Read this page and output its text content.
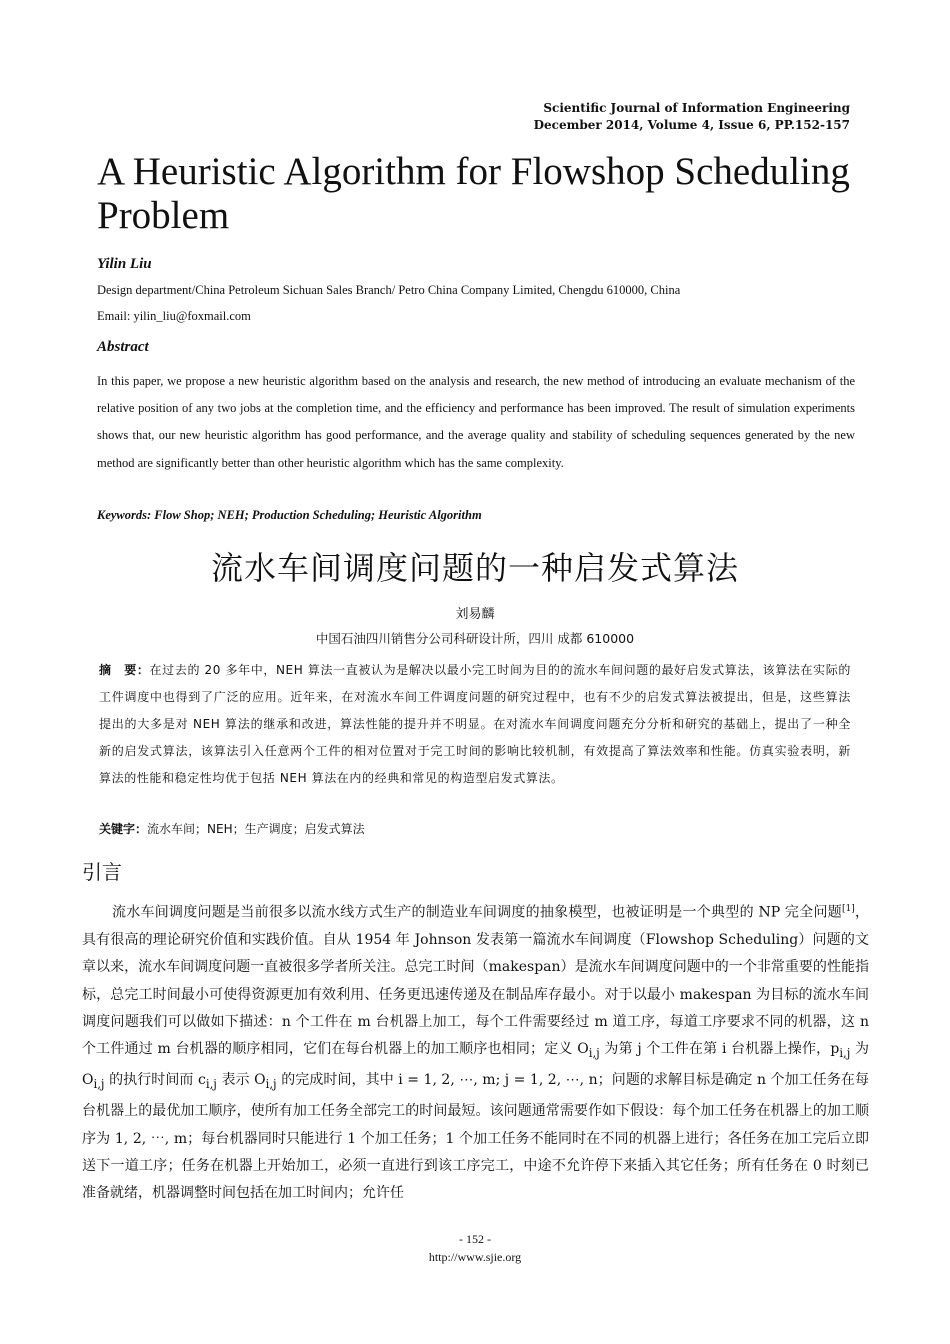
Scientific Journal of Information Engineering
December 2014, Volume 4, Issue 6, PP.152-157
A Heuristic Algorithm for Flowshop Scheduling Problem
Yilin Liu
Design department/China Petroleum Sichuan Sales Branch/ Petro China Company Limited, Chengdu 610000, China
Email: yilin_liu@foxmail.com
Abstract
In this paper, we propose a new heuristic algorithm based on the analysis and research, the new method of introducing an evaluate mechanism of the relative position of any two jobs at the completion time, and the efficiency and performance has been improved. The result of simulation experiments shows that, our new heuristic algorithm has good performance, and the average quality and stability of scheduling sequences generated by the new method are significantly better than other heuristic algorithm which has the same complexity.
Keywords: Flow Shop; NEH; Production Scheduling; Heuristic Algorithm
流水车间调度问题的一种启发式算法
刘易麟
中国石油四川销售分公司科研设计所，四川 成都 610000
摘　要：在过去的 20 多年中，NEH 算法一直被认为是解决以最小完工时间为目的的流水车间问题的最好启发式算法，该算法在实际的工件调度中也得到了广泛的应用。近年来，在对流水车间工件调度问题的研究过程中，也有不少的启发式算法被提出，但是，这些算法提出的大多是对 NEH 算法的继承和改进，算法性能的提升并不明显。在对流水车间调度问题充分分析和研究的基础上，提出了一种全新的启发式算法，该算法引入任意两个工件的相对位置对于完工时间的影响比较机制，有效提高了算法效率和性能。仿真实验表明，新算法的性能和稳定性均优于包括 NEH 算法在内的经典和常见的构造型启发式算法。
关键字：流水车间；NEH；生产调度；启发式算法
引言
流水车间调度问题是当前很多以流水线方式生产的制造业车间调度的抽象模型，也被证明是一个典型的 NP 完全问题[1]，具有很高的理论研究价值和实践价值。自从 1954 年 Johnson 发表第一篇流水车间调度（Flowshop Scheduling）问题的文章以来，流水车间调度问题一直被很多学者所关注。总完工时间（makespan）是流水车间调度问题中的一个非常重要的性能指标，总完工时间最小可使得资源更加有效利用、任务更迅速传递及在制品库存最小。对于以最小 makespan 为目标的流水车间调度问题我们可以做如下描述：n 个工件在 m 台机器上加工，每个工件需要经过 m 道工序，每道工序要求不同的机器，这 n 个工件通过 m 台机器的顺序相同，它们在每台机器上的加工顺序也相同；定义 $O_{i,j}$ 为第 j 个工件在第 i 台机器上操作，$p_{i,j}$ 为 $O_{i,j}$ 的执行时间而 $c_{i,j}$ 表示 $O_{i,j}$ 的完成时间，其中 i = 1, 2, ⋯, m; j = 1, 2, ⋯, n；问题的求解目标是确定 n 个加工任务在每台机器上的最优加工顺序，使所有加工任务全部完工的时间最短。该问题通常需要作如下假设：每个加工任务在机器上的加工顺序为 1, 2, ⋯, m；每台机器同时只能进行 1 个加工任务；1 个加工任务不能同时在不同的机器上进行；各任务在加工完后立即送下一道工序；任务在机器上开始加工，必须一直进行到该工序完工，中途不允许停下来插入其它任务；所有任务在 0 时刻已准备就绪，机器调整时间包括在加工时间内；允许任
- 152 -
http://www.sjie.org
